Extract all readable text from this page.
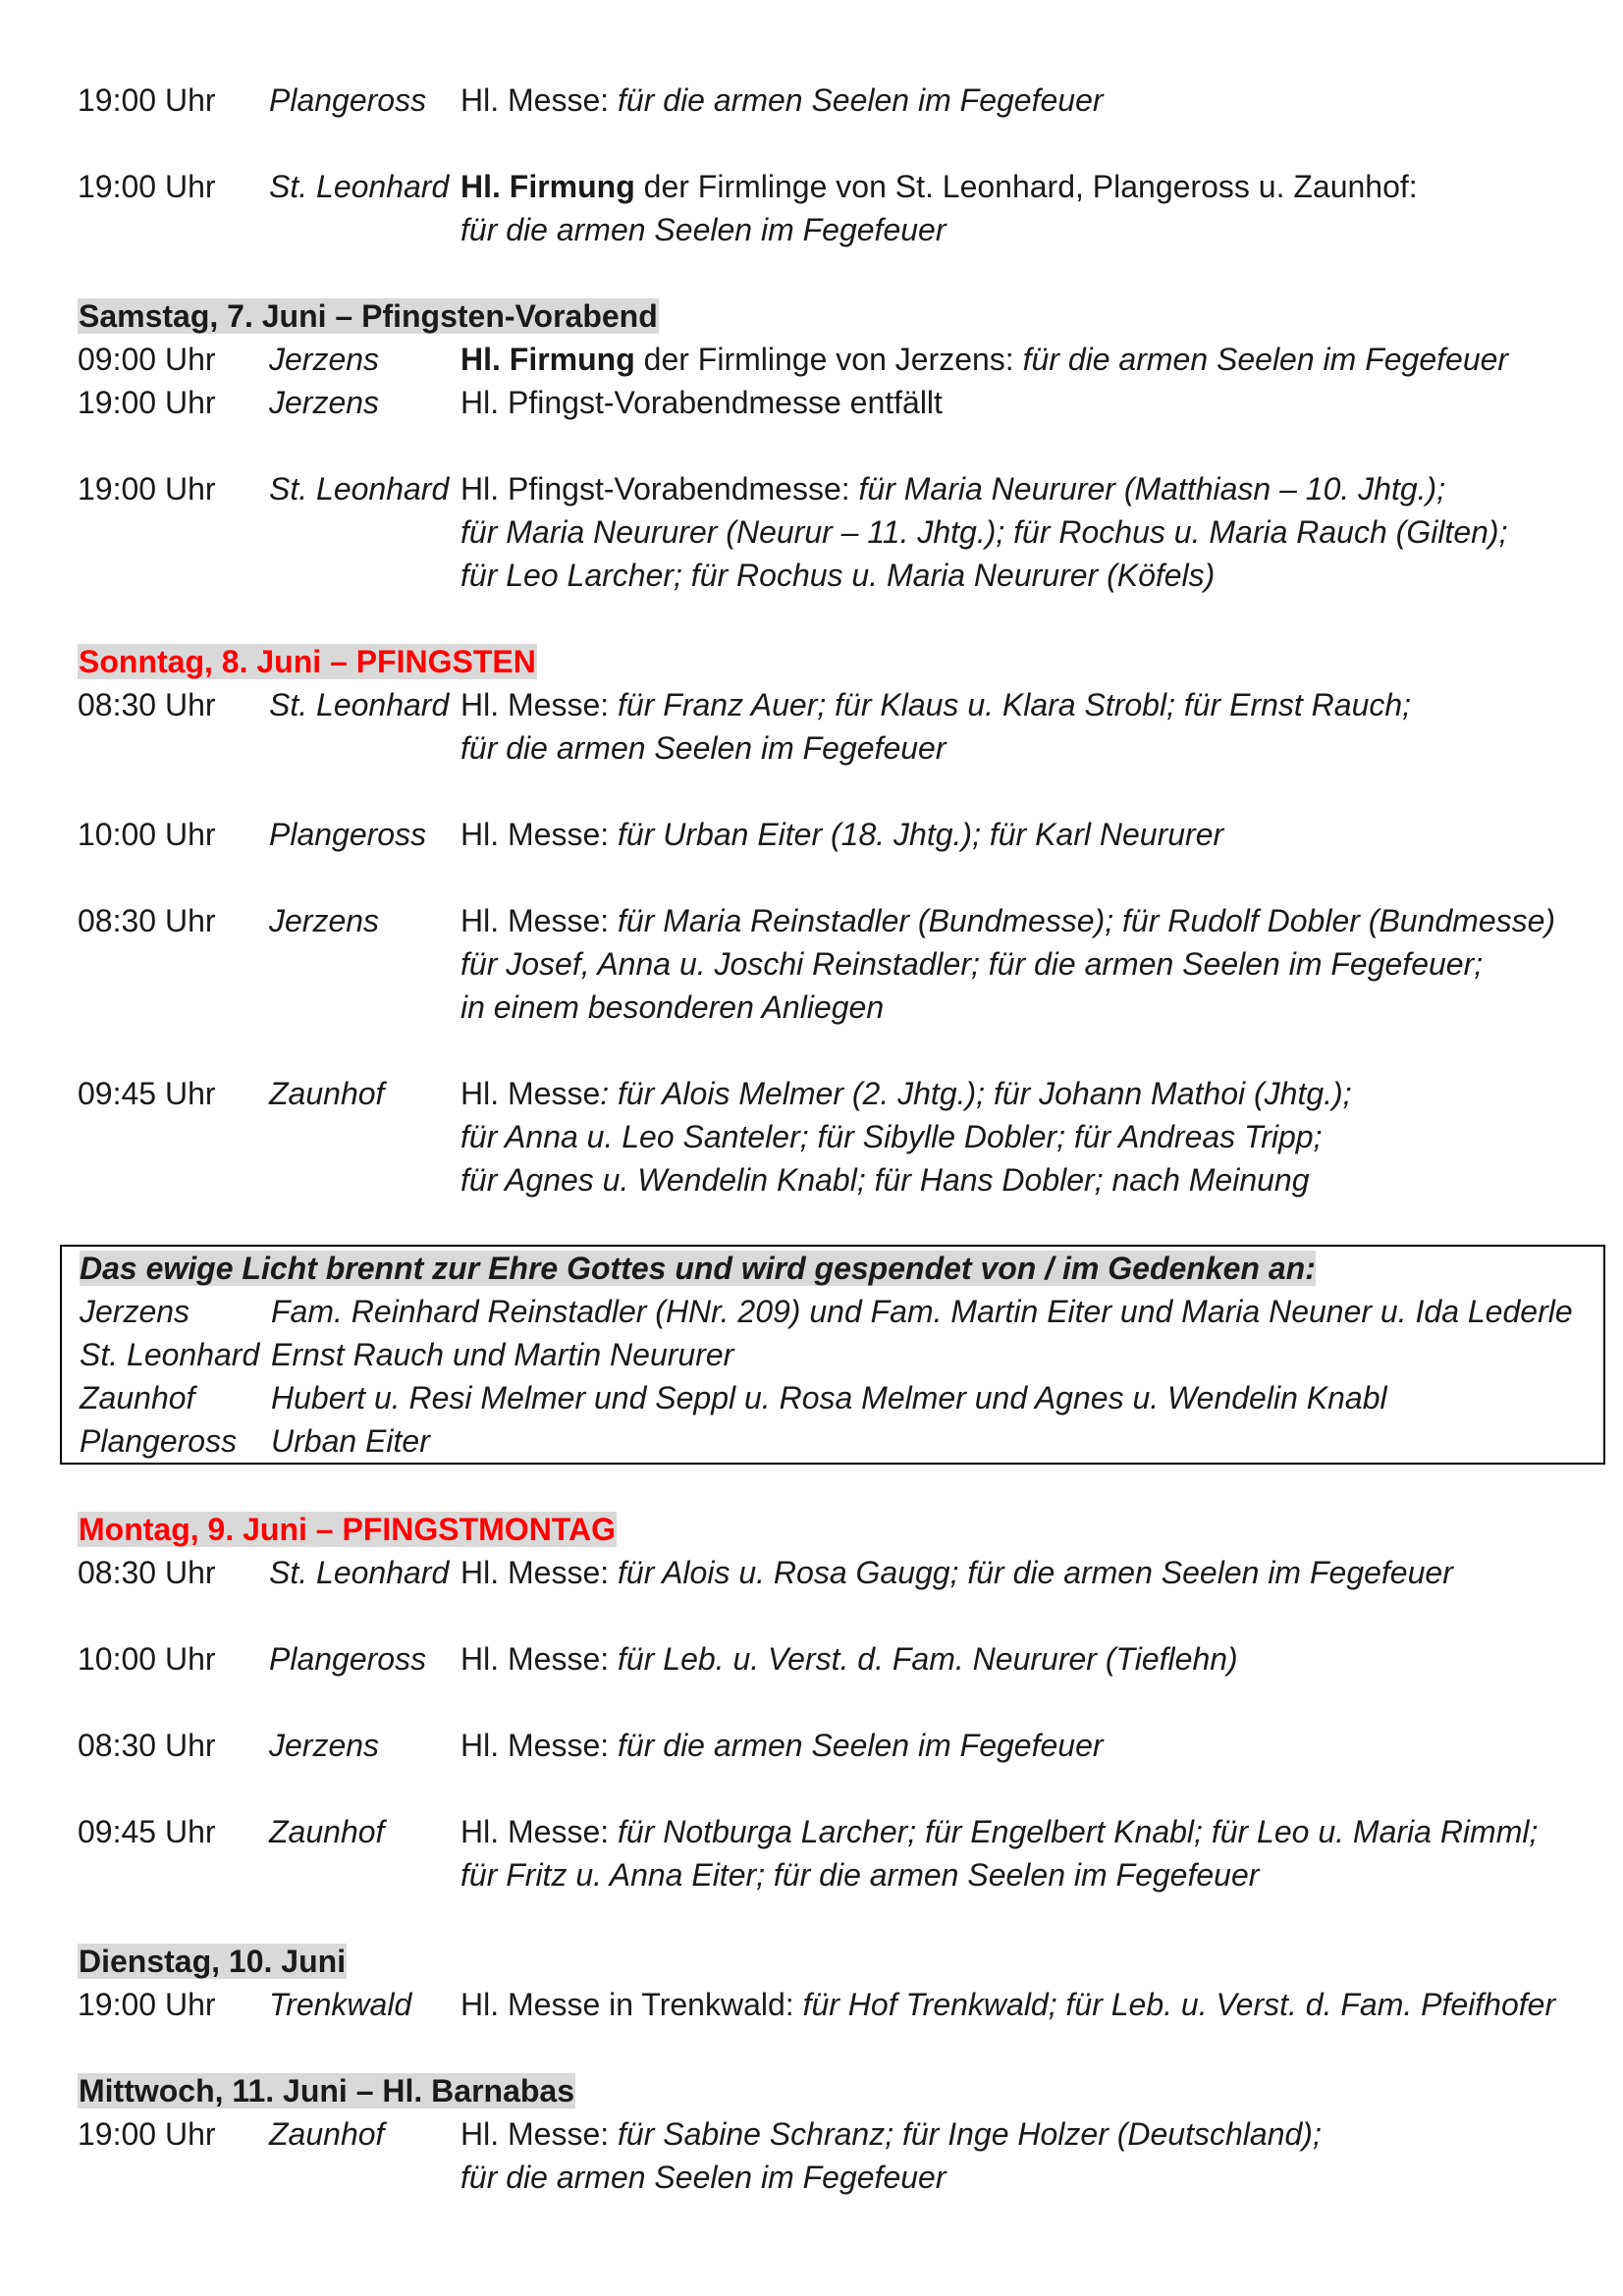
19:00 Uhr Plangeross Hl. Messe: für die armen Seelen im Fegefeuer
19:00 Uhr St. Leonhard Hl. Firmung der Firmlinge von St. Leonhard, Plangeross u. Zaunhof:
für die armen Seelen im Fegefeuer
Samstag, 7. Juni – Pfingsten-Vorabend
09:00 Uhr Jerzens	Hl. Firmung der Firmlinge von Jerzens: für die armen Seelen im Fegefeuer
19:00 Uhr Jerzens	Hl. Pfingst-Vorabendmesse entfällt
19:00 Uhr St. Leonhard Hl. Pfingst-Vorabendmesse: für Maria Neururer (Matthiasn – 10. Jhtg.);
für Maria Neururer (Neurur – 11. Jhtg.); für Rochus u. Maria Rauch (Gilten);
für Leo Larcher; für Rochus u. Maria Neururer (Köfels)
Sonntag, 8. Juni – PFINGSTEN
08:30 Uhr St. Leonhard Hl. Messe: für Franz Auer; für Klaus u. Klara Strobl; für Ernst Rauch;
für die armen Seelen im Fegefeuer
10:00 Uhr Plangeross Hl. Messe: für Urban Eiter (18. Jhtg.); für Karl Neururer
08:30 Uhr Jerzens	Hl. Messe: für Maria Reinstadler (Bundmesse); für Rudolf Dobler (Bundmesse)
für Josef, Anna u. Joschi Reinstadler; für die armen Seelen im Fegefeuer;
in einem besonderen Anliegen
09:45 Uhr Zaunhof Hl. Messe: für Alois Melmer (2. Jhtg.); für Johann Mathoi (Jhtg.);
für Anna u. Leo Santeler; für Sibylle Dobler; für Andreas Tripp;
für Agnes u. Wendelin Knabl; für Hans Dobler; nach Meinung
Das ewige Licht brennt zur Ehre Gottes und wird gespendet von / im Gedenken an:
Jerzens	Fam. Reinhard Reinstadler (HNr. 209) und Fam. Martin Eiter und Maria Neuner u. Ida Lederle
St. Leonhard Ernst Rauch und Martin Neururer
Zaunhof Hubert u. Resi Melmer und Seppl u. Rosa Melmer und Agnes u. Wendelin Knabl
Plangeross Urban Eiter
Montag, 9. Juni – PFINGSTMONTAG
08:30 Uhr St. Leonhard Hl. Messe: für Alois u. Rosa Gaugg; für die armen Seelen im Fegefeuer
10:00 Uhr Plangeross Hl. Messe: für Leb. u. Verst. d. Fam. Neururer (Tieflehn)
08:30 Uhr Jerzens	Hl. Messe: für die armen Seelen im Fegefeuer
09:45 Uhr Zaunhof Hl. Messe: für Notburga Larcher; für Engelbert Knabl; für Leo u. Maria Rimml;
für Fritz u. Anna Eiter; für die armen Seelen im Fegefeuer
Dienstag, 10. Juni
19:00 Uhr Trenkwald Hl. Messe in Trenkwald: für Hof Trenkwald; für Leb. u. Verst. d. Fam. Pfeifhofer
Mittwoch, 11. Juni – Hl. Barnabas
19:00 Uhr Zaunhof Hl. Messe: für Sabine Schranz; für Inge Holzer (Deutschland);
für die armen Seelen im Fegefeuer
